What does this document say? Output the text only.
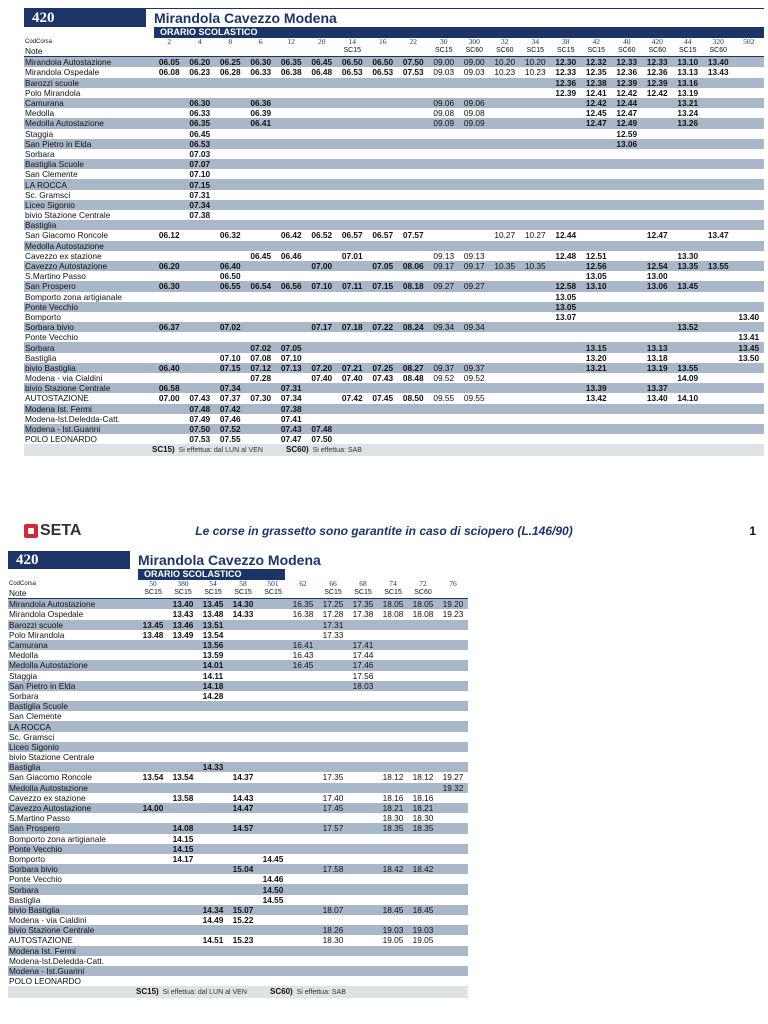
420	Mirandola Cavezzo Modena
ORARIO SCOLASTICO
CodCorsa	2	4	8	6	12	20	14	16	22	30	300	32	34	38	42	40	420	44	320	502
Note							SC15			SC15	SC60	SC60	SC15	SC15	SC15	SC60	SC60	SC15	SC60	
Mirandola Autostazione	06.05	06.20	06.25	06.30	06.35	06.45	06.50	06.50	07.50	09.00	09.00	10.20	10.20	12.30	12.32	12.33	12.33	13.10	13.40	
Mirandola Ospedale	06.08	06.23	06.28	06.33	06.38	06.48	06.53	06.53	07.53	09.03	09.03	10.23	10.23	12.33	12.35	12.36	12.36	13.13	13.43	
Barozzi scuole														12.36	12.38	12.39	12.39	13.16		
Polo Mirandola														12.39	12.41	12.42	12.42	13.19		
Camurana		06.30		06.36						09.06	09.06				12.42	12.44		13.21		
Medolla		06.33		06.39						09.08	09.08				12.45	12.47		13.24		
Medolla Autostazione		06.35		06.41						09.09	09.09				12.47	12.49		13.26		
Staggia		06.45														12.59				
San Pietro in Elda		06.53														13.06				
Sorbara		07.03																		
Bastiglia Scuole		07.07																		
San Clemente		07.10																		
LA ROCCA		07.15																		
Sc. Gramsci		07.31																		
Liceo Sigonio		07.34																		
bivio Stazione Centrale		07.38																		
Bastiglia																				
San Giacomo Roncole	06.12		06.32		06.42	06.52	06.57	06.57	07.57			10.27	10.27	12.44			12.47		13.47	
Medolla Autostazione																				
Cavezzo ex stazione				06.45	06.46		07.01			09.13	09.13			12.48	12.51			13.30		
Cavezzo Autostazione	06.20		06.40			07.00		07.05	08.06	09.17	09.17	10.35	10.35		12.56		12.54	13.35	13.55	
S.Martino Passo			06.50												13.05		13.00			
San Prospero	06.30		06.55	06.54	06.56	07.10	07.11	07.15	08.18	09.27	09.27			12.58	13.10		13.06	13.45		
Bomporto zona artigianale														13.05						
Ponte Vecchio														13.05						
Bomporto														13.07						13.40
Sorbara bivio	06.37		07.02			07.17	07.18	07.22	08.24	09.34	09.34							13.52		
Ponte Vecchio																				13.41
Sorbara				07.02	07.05										13.15		13.13			13.45
Bastiglia			07.10	07.08	07.10										13.20		13.18			13.50
bivio Bastiglia	06.40		07.15	07.12	07.13	07.20	07.21	07.25	08.27	09.37	09.37				13.21		13.19	13.55		
Modena - via Cialdini				07.28		07.40	07.40	07.43	08.48	09.52	09.52							14.09		
bivio Stazione Centrale	06.58		07.34		07.31										13.39		13.37			
AUTOSTAZIONE	07.00	07.43	07.37	07.30	07.34		07.42	07.45	08.50	09.55	09.55				13.42		13.40	14.10		
Modena Ist. Fermi		07.48	07.42		07.38															
Modena-Ist.Deledda-Catt.		07.49	07.46		07.41															
Modena - Ist.Guarini		07.50	07.52		07.43	07.48														
POLO LEONARDO		07.53	07.55		07.47	07.50														
SC15) Si effettua: dal LUN al VEN	SC60) Si effettua: SAB
SETA	Le corse in grassetto sono garantite in caso di sciopero (L.146/90)	1
420	Mirandola Cavezzo Modena
ORARIO SCOLASTICO
CodCorsa	50	380	54	58	501	62	66	68	74	72	76
Note	SC15	SC15	SC15	SC15	SC15		SC15	SC15	SC15	SC60	
Mirandola Autostazione		13.40	13.45	14.30		16.35	17.25	17.35	18.05	18.05	19.20
Mirandola Ospedale		13.43	13.48	14.33		16.38	17.28	17.38	18.08	18.08	19.23
Barozzi scuole	13.45	13.46	13.51				17.31				
Polo Mirandola	13.48	13.49	13.54				17.33				
Camurana			13.56			16.41		17.41			
Medolla			13.59			16.43		17.44			
Medolla Autostazione			14.01			16.45		17.46			
Staggia			14.11					17.56			
San Pietro in Elda			14.18					18.03			
Sorbara			14.28								
Bastiglia Scuole											
San Clemente											
LA ROCCA											
Sc. Gramsci											
Liceo Sigonio											
bivio Stazione Centrale											
Bastiglia			14.33								
San Giacomo Roncole	13.54	13.54		14.37			17.35		18.12	18.12	19.27
Medolla Autostazione											19.32
Cavezzo ex stazione		13.58		14.43			17.40		18.16	18.16	
Cavezzo Autostazione	14.00			14.47			17.45		18.21	18.21	
S.Martino Passo									18.30	18.30	
San Prospero		14.08		14.57			17.57		18.35	18.35	
Bomporto zona artigianale		14.15									
Ponte Vecchio		14.15									
Bomporto		14.17			14.45						
Sorbara bivio				15.04			17.58		18.42	18.42	
Ponte Vecchio					14.46						
Sorbara					14.50						
Bastiglia					14.55						
bivio Bastiglia			14.34	15.07			18.07		18.45	18.45	
Modena - via Cialdini			14.49	15.22							
bivio Stazione Centrale							18.26		19.03	19.03	
AUTOSTAZIONE			14.51	15.23			18.30		19.05	19.05	
Modena Ist. Fermi											
Modena-Ist.Deledda-Catt.											
Modena - Ist.Guarini											
POLO LEONARDO											
SC15) Si effettua: dal LUN al VEN	SC60) Si effettua: SAB
